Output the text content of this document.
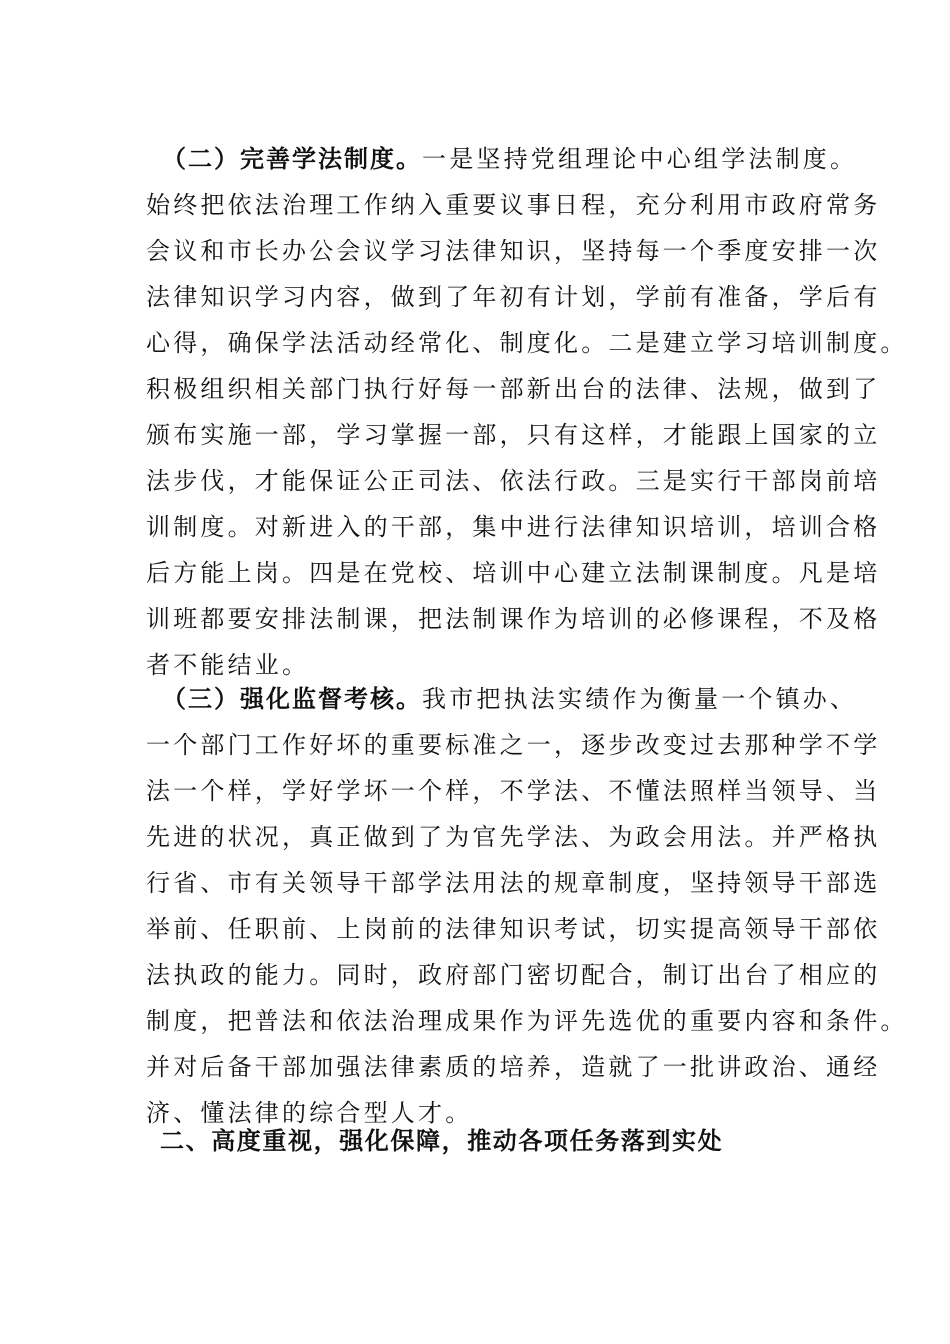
（二）完善学法制度。一是坚持党组理论中心组学法制度。
始终把依法治理工作纳入重要议事日程，充分利用市政府常务
会议和市长办公会议学习法律知识，坚持每一个季度安排一次
法律知识学习内容，做到了年初有计划，学前有准备，学后有
心得，确保学法活动经常化、制度化。二是建立学习培训制度。
积极组织相关部门执行好每一部新出台的法律、法规，做到了
颁布实施一部，学习掌握一部，只有这样，才能跟上国家的立
法步伐，才能保证公正司法、依法行政。三是实行干部岗前培
训制度。对新进入的干部，集中进行法律知识培训，培训合格
后方能上岗。四是在党校、培训中心建立法制课制度。凡是培
训班都要安排法制课，把法制课作为培训的必修课程，不及格
者不能结业。
（三）强化监督考核。我市把执法实绩作为衡量一个镇办、
一个部门工作好坏的重要标准之一，逐步改变过去那种学不学
法一个样，学好学坏一个样，不学法、不懂法照样当领导、当
先进的状况，真正做到了为官先学法、为政会用法。并严格执
行省、市有关领导干部学法用法的规章制度，坚持领导干部选
举前、任职前、上岗前的法律知识考试，切实提高领导干部依
法执政的能力。同时，政府部门密切配合，制订出台了相应的
制度，把普法和依法治理成果作为评先选优的重要内容和条件。
并对后备干部加强法律素质的培养，造就了一批讲政治、通经
济、懂法律的综合型人才。
二、高度重视，强化保障，推动各项任务落到实处
